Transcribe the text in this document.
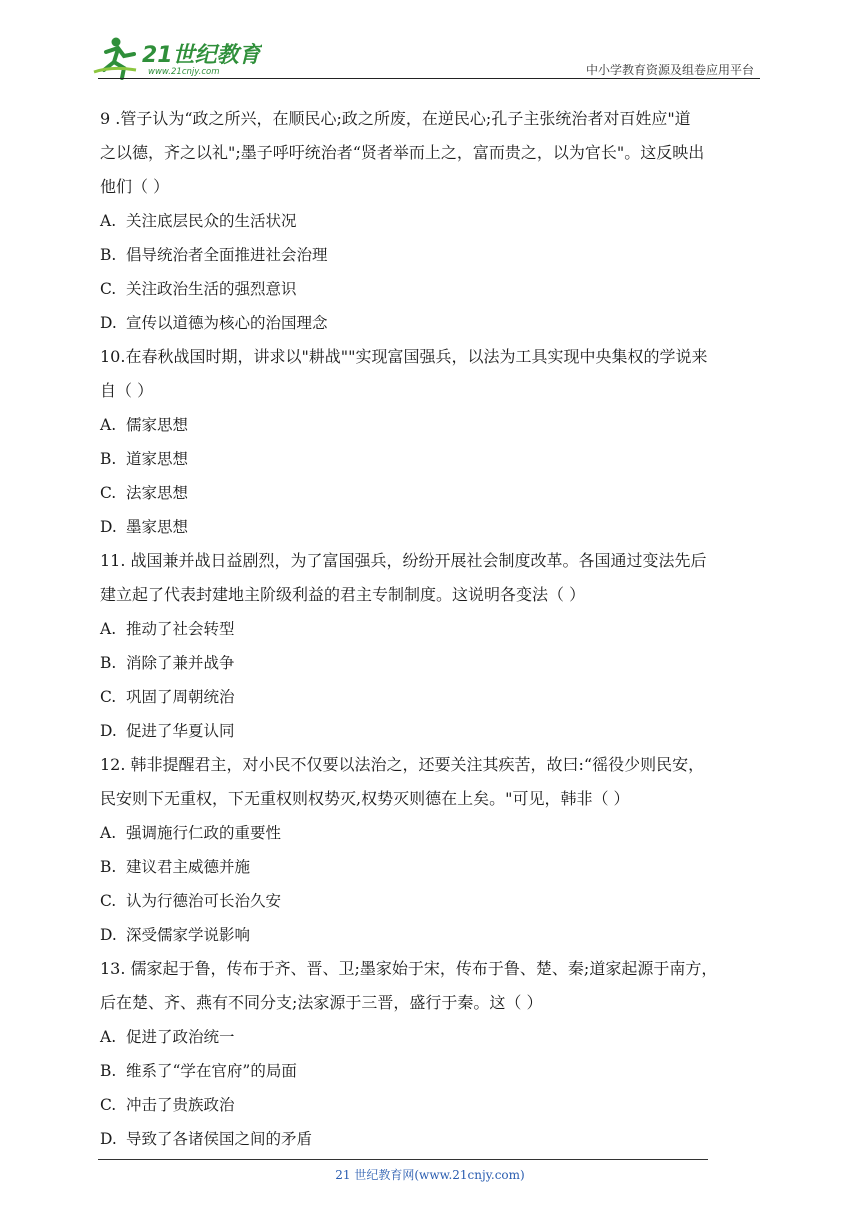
21世纪教育
www.21cnjy.com	中小学教育资源及组卷应用平台

9 .管子认为“政之所兴，在顺民心;政之所废，在逆民心;孔子主张统治者对百姓应"道

之以德，齐之以礼";墨子呼吁统治者“贤者举而上之，富而贵之，以为官长"。这反映出

他们（ ）

A. 关注底层民众的生活状况

B. 倡导统治者全面推进社会治理

C. 关注政治生活的强烈意识

D. 宣传以道德为核心的治国理念

10.在春秋战国时期，讲求以"耕战""实现富国强兵，以法为工具实现中央集权的学说来

自（ ）

A. 儒家思想

B. 道家思想

C. 法家思想

D. 墨家思想

11. 战国兼并战日益剧烈，为了富国强兵，纷纷开展社会制度改革。各国通过变法先后

建立起了代表封建地主阶级利益的君主专制制度。这说明各变法（ ）

A. 推动了社会转型

B. 消除了兼并战争

C. 巩固了周朝统治

D. 促进了华夏认同

12. 韩非提醒君主，对小民不仅要以法治之，还要关注其疾苦，故曰:“徭役少则民安，

民安则下无重权，下无重权则权势灭,权势灭则德在上矣。"可见，韩非（ ）

A. 强调施行仁政的重要性

B. 建议君主威德并施

C. 认为行德治可长治久安

D. 深受儒家学说影响

13. 儒家起于鲁，传布于齐、晋、卫;墨家始于宋，传布于鲁、楚、秦;道家起源于南方，

后在楚、齐、燕有不同分支;法家源于三晋，盛行于秦。这（ ）

A. 促进了政治统一

B. 维系了“学在官府”的局面

C. 冲击了贵族政治

D. 导致了各诸侯国之间的矛盾

21 世纪教育网(www.21cnjy.com)
